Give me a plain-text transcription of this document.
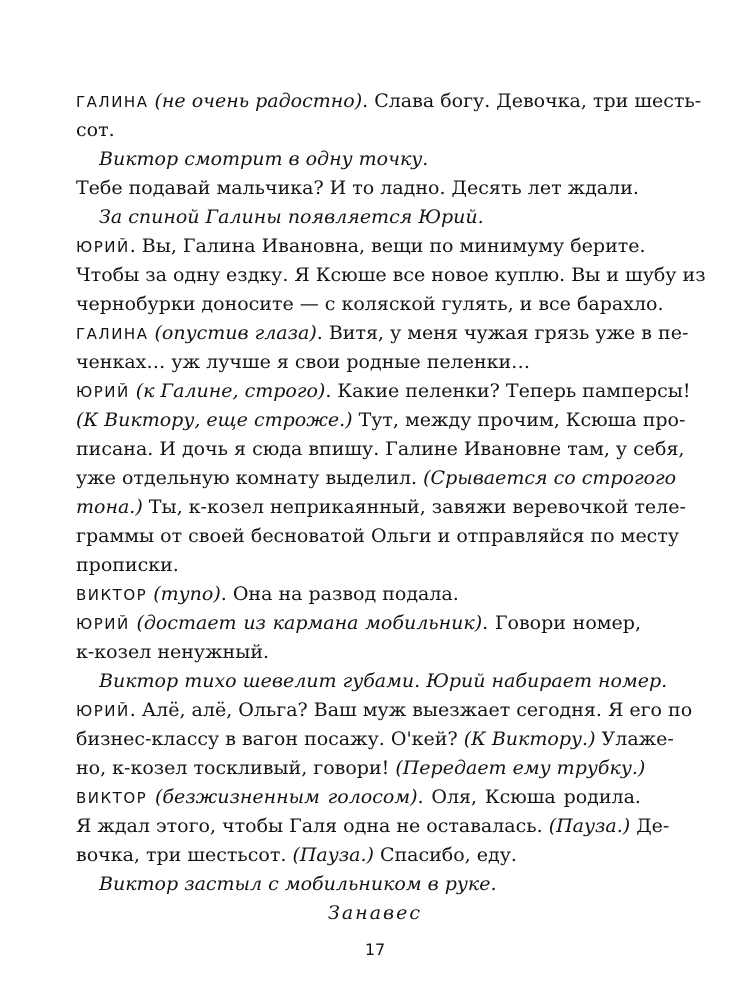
ГАЛИНА (не очень радостно). Слава богу. Девочка, три шесть-
сот.
Виктор смотрит в одну точку.
Тебе подавай мальчика? И то ладно. Десять лет ждали.
За спиной Галины появляется Юрий.
ЮРИЙ. Вы, Галина Ивановна, вещи по минимуму берите.
Чтобы за одну ездку. Я Ксюше все новое куплю. Вы и шубу из
чернобурки доносите — с коляской гулять, и все барахло.
ГАЛИНА (опустив глаза). Витя, у меня чужая грязь уже в пе-
ченках… уж лучше я свои родные пеленки…
ЮРИЙ (к Галине, строго). Какие пеленки? Теперь памперсы!
(К Виктору, еще строже.) Тут, между прочим, Ксюша про-
писана. И дочь я сюда впишу. Галине Ивановне там, у себя,
уже отдельную комнату выделил. (Срывается со строгого
тона.) Ты, к-козел неприкаянный, завяжи веревочкой теле-
граммы от своей бесноватой Ольги и отправляйся по месту
прописки.
ВИКТОР (тупо). Она на развод подала.
ЮРИЙ (достает из кармана мобильник). Говори номер,
к-козел ненужный.
Виктор тихо шевелит губами. Юрий набирает номер.
ЮРИЙ. Алё, алё, Ольга? Ваш муж выезжает сегодня. Я его по
бизнес-классу в вагон посажу. О'кей? (К Виктору.) Улаже-
но, к-козел тоскливый, говори! (Передает ему трубку.)
ВИКТОР (безжизненным голосом). Оля, Ксюша родила.
Я ждал этого, чтобы Галя одна не оставалась. (Пауза.) Де-
вочка, три шестьсот. (Пауза.) Спасибо, еду.
Виктор застыл с мобильником в руке.
Занавес
17
